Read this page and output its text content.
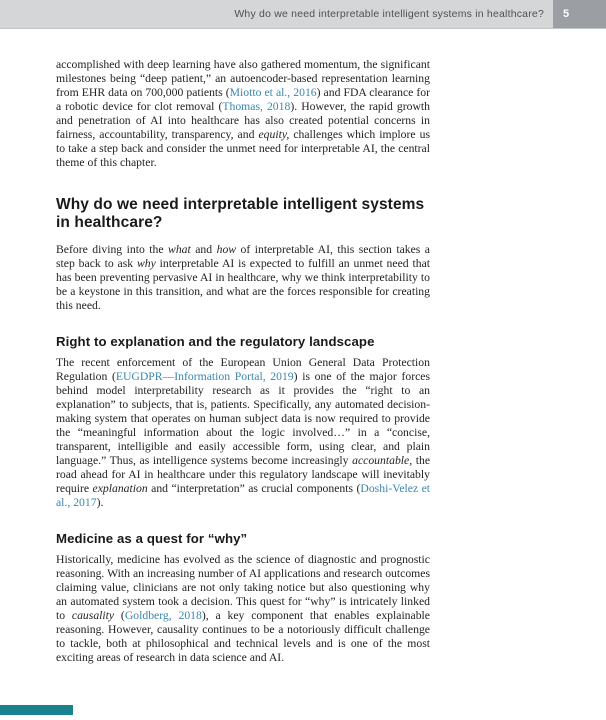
Why do we need interpretable intelligent systems in healthcare?	5

accomplished with deep learning have also gathered momentum, the significant milestones being “deep patient,” an autoencoder-based representation learning from EHR data on 700,000 patients (Miotto et al., 2016) and FDA clearance for a robotic device for clot removal (Thomas, 2018). However, the rapid growth and penetration of AI into healthcare has also created potential concerns in fairness, accountability, transparency, and equity, challenges which implore us to take a step back and consider the unmet need for interpretable AI, the central theme of this chapter.

Why do we need interpretable intelligent systems in healthcare?

Before diving into the what and how of interpretable AI, this section takes a step back to ask why interpretable AI is expected to fulfill an unmet need that has been preventing pervasive AI in healthcare, why we think interpretability to be a keystone in this transition, and what are the forces responsible for creating this need.

Right to explanation and the regulatory landscape

The recent enforcement of the European Union General Data Protection Regulation (EUGDPR—Information Portal, 2019) is one of the major forces behind model interpretability research as it provides the “right to an explanation” to subjects, that is, patients. Specifically, any automated decision-making system that operates on human subject data is now required to provide the “meaningful information about the logic involved…” in a “concise, transparent, intelligible and easily accessible form, using clear, and plain language.” Thus, as intelligence systems become increasingly accountable, the road ahead for AI in healthcare under this regulatory landscape will inevitably require explanation and “interpretation” as crucial components (Doshi-Velez et al., 2017).

Medicine as a quest for “why”

Historically, medicine has evolved as the science of diagnostic and prognostic reasoning. With an increasing number of AI applications and research outcomes claiming value, clinicians are not only taking notice but also questioning why an automated system took a decision. This quest for “why” is intricately linked to causality (Goldberg, 2018), a key component that enables explainable reasoning. However, causality continues to be a notoriously difficult challenge to tackle, both at philosophical and technical levels and is one of the most exciting areas of research in data science and AI.
